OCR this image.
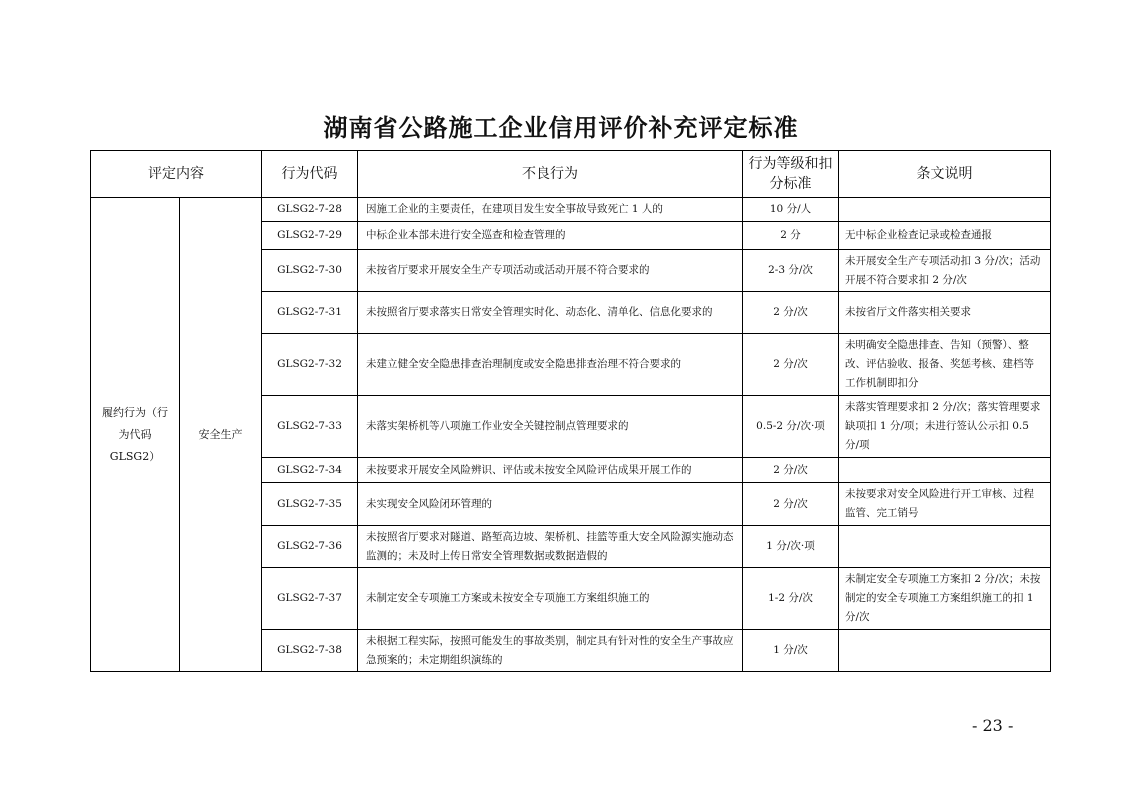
湖南省公路施工企业信用评价补充评定标准
评定内容		行为代码	不良行为	行为等级和扣分标准	条文说明
履约行为（行为代码 GLSG2）	安全生产	GLSG2-7-28	因施工企业的主要责任，在建项目发生安全事故导致死亡 1 人的	10 分/人	
		GLSG2-7-29	中标企业本部未进行安全巡查和检查管理的	2 分	无中标企业检查记录或检查通报
		GLSG2-7-30	未按省厅要求开展安全生产专项活动或活动开展不符合要求的	2-3 分/次	未开展安全生产专项活动扣 3 分/次；活动开展不符合要求扣 2 分/次
		GLSG2-7-31	未按照省厅要求落实日常安全管理实时化、动态化、清单化、信息化要求的	2 分/次	未按省厅文件落实相关要求
		GLSG2-7-32	未建立健全安全隐患排查治理制度或安全隐患排查治理不符合要求的	2 分/次	未明确安全隐患排查、告知（预警）、整改、评估验收、报备、奖惩考核、建档等工作机制即扣分
		GLSG2-7-33	未落实架桥机等八项施工作业安全关键控制点管理要求的	0.5-2 分/次·项	未落实管理要求扣 2 分/次；落实管理要求缺项扣 1 分/项；未进行签认公示扣 0.5 分/项
		GLSG2-7-34	未按要求开展安全风险辨识、评估或未按安全风险评估成果开展工作的	2 分/次	
		GLSG2-7-35	未实现安全风险闭环管理的	2 分/次	未按要求对安全风险进行开工审核、过程监管、完工销号
		GLSG2-7-36	未按照省厅要求对隧道、路堑高边坡、架桥机、挂篮等重大安全风险源实施动态监测的；未及时上传日常安全管理数据或数据造假的	1 分/次·项	
		GLSG2-7-37	未制定安全专项施工方案或未按安全专项施工方案组织施工的	1-2 分/次	未制定安全专项施工方案扣 2 分/次；未按制定的安全专项施工方案组织施工的扣 1 分/次
		GLSG2-7-38	未根据工程实际，按照可能发生的事故类别，制定具有针对性的安全生产事故应急预案的；未定期组织演练的	1 分/次	
- 23 -
